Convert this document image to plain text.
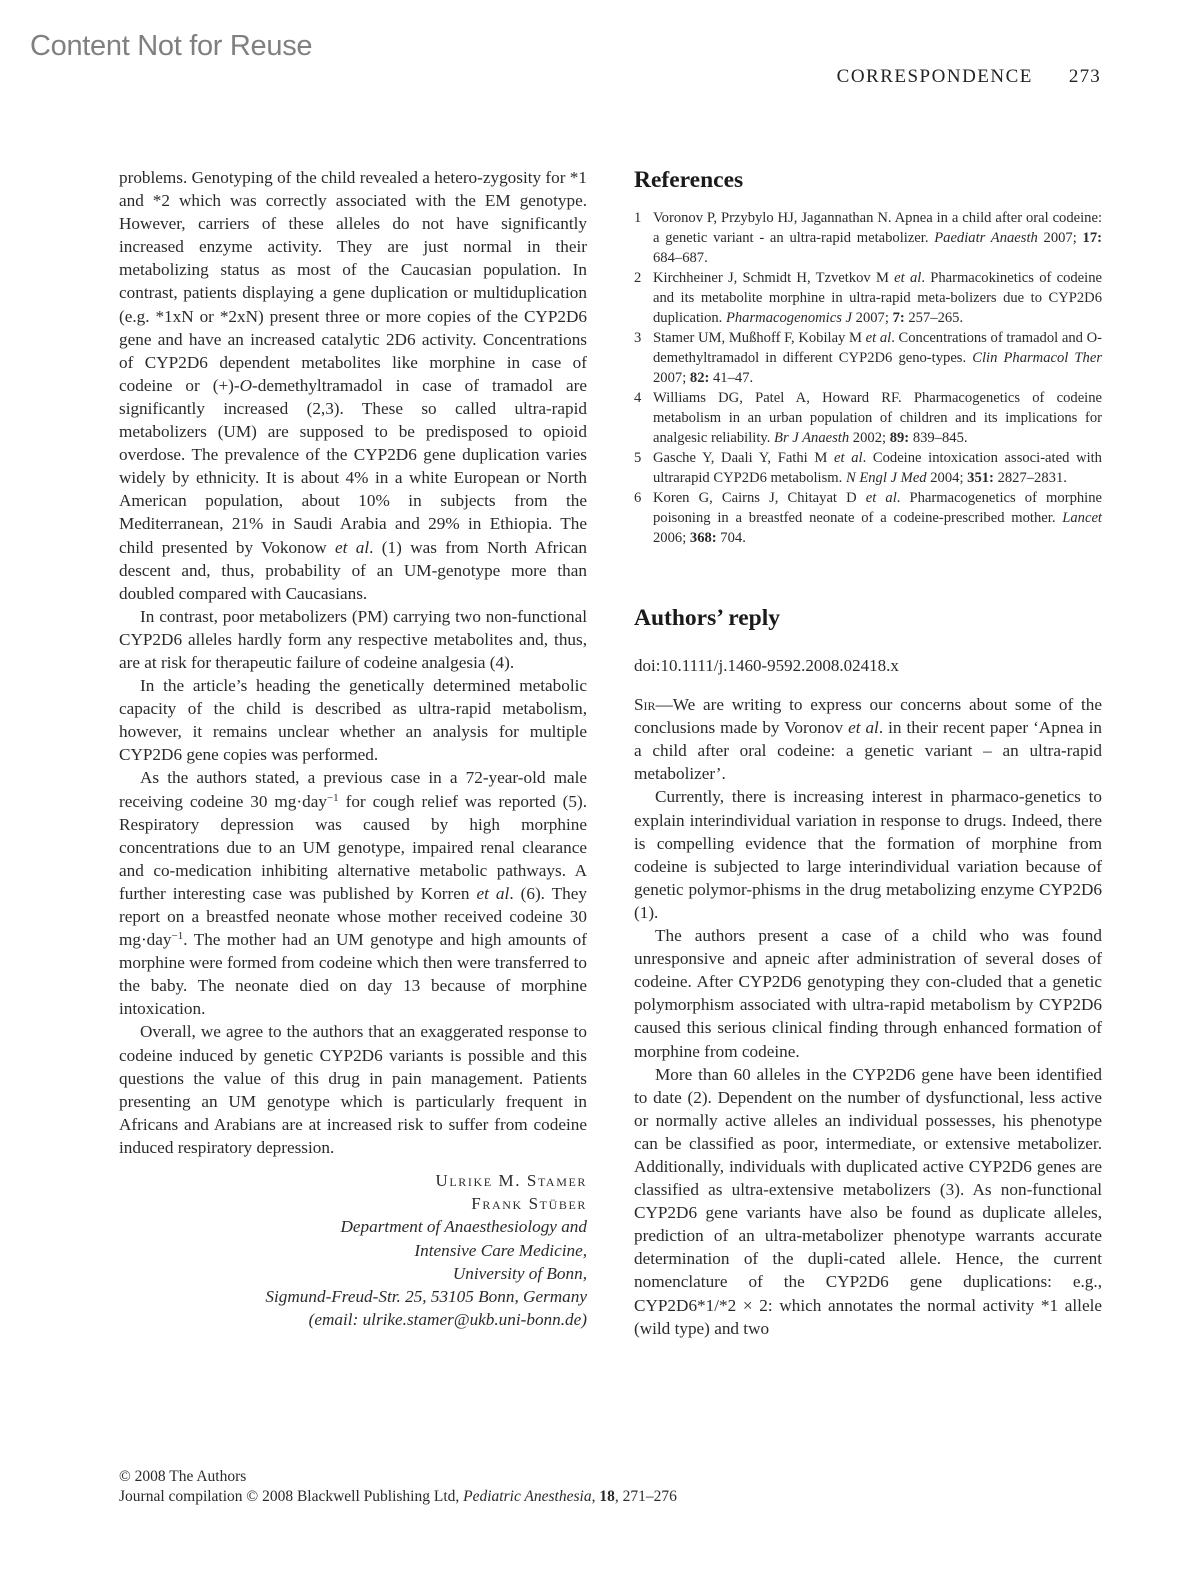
Content Not for Reuse
CORRESPONDENCE 273

problems. Genotyping of the child revealed a hetero-zygosity for *1 and *2 which was correctly associated with the EM genotype. However, carriers of these alleles do not have significantly increased enzyme activity. They are just normal in their metabolizing status as most of the Caucasian population. In contrast, patients displaying a gene duplication or multiduplication (e.g. *1xN or *2xN) present three or more copies of the CYP2D6 gene and have an increased catalytic 2D6 activity. Concentrations of CYP2D6 dependent metabolites like morphine in case of codeine or (+)-O-demethyltramadol in case of tramadol are significantly increased (2,3). These so called ultra-rapid metabolizers (UM) are supposed to be predisposed to opioid overdose. The prevalence of the CYP2D6 gene duplication varies widely by ethnicity. It is about 4% in a white European or North American population, about 10% in subjects from the Mediterranean, 21% in Saudi Arabia and 29% in Ethiopia. The child presented by Vokonow et al. (1) was from North African descent and, thus, probability of an UM-genotype more than doubled compared with Caucasians.

In contrast, poor metabolizers (PM) carrying two non-functional CYP2D6 alleles hardly form any respective metabolites and, thus, are at risk for therapeutic failure of codeine analgesia (4).

In the article’s heading the genetically determined metabolic capacity of the child is described as ultra-rapid metabolism, however, it remains unclear whether an analysis for multiple CYP2D6 gene copies was performed.

As the authors stated, a previous case in a 72-year-old male receiving codeine 30 mg·day$^{-1}$ for cough relief was reported (5). Respiratory depression was caused by high morphine concentrations due to an UM genotype, impaired renal clearance and co-medication inhibiting alternative metabolic pathways. A further interesting case was published by Korren et al. (6). They report on a breastfed neonate whose mother received codeine 30 mg·day$^{-1}$. The mother had an UM genotype and high amounts of morphine were formed from codeine which then were transferred to the baby. The neonate died on day 13 because of morphine intoxication.

Overall, we agree to the authors that an exaggerated response to codeine induced by genetic CYP2D6 variants is possible and this questions the value of this drug in pain management. Patients presenting an UM genotype which is particularly frequent in Africans and Arabians are at increased risk to suffer from codeine induced respiratory depression.

Ulrike M. Stamer
Frank Stüber
Department of Anaesthesiology and
Intensive Care Medicine,
University of Bonn,
Sigmund-Freud-Str. 25, 53105 Bonn, Germany
(email: ulrike.stamer@ukb.uni-bonn.de)
References
1 Voronov P, Przybylo HJ, Jagannathan N. Apnea in a child after oral codeine: a genetic variant - an ultra-rapid metabolizer. Paediatr Anaesth 2007; 17: 684–687.
2 Kirchheiner J, Schmidt H, Tzvetkov M et al. Pharmacokinetics of codeine and its metabolite morphine in ultra-rapid meta-bolizers due to CYP2D6 duplication. Pharmacogenomics J 2007; 7: 257–265.
3 Stamer UM, Mußhoff F, Kobilay M et al. Concentrations of tramadol and O-demethyltramadol in different CYP2D6 geno-types. Clin Pharmacol Ther 2007; 82: 41–47.
4 Williams DG, Patel A, Howard RF. Pharmacogenetics of codeine metabolism in an urban population of children and its implications for analgesic reliability. Br J Anaesth 2002; 89: 839–845.
5 Gasche Y, Daali Y, Fathi M et al. Codeine intoxication associ-ated with ultrarapid CYP2D6 metabolism. N Engl J Med 2004; 351: 2827–2831.
6 Koren G, Cairns J, Chitayat D et al. Pharmacogenetics of morphine poisoning in a breastfed neonate of a codeine-prescribed mother. Lancet 2006; 368: 704.
Authors’ reply
doi:10.1111/j.1460-9592.2008.02418.x

Sir—We are writing to express our concerns about some of the conclusions made by Voronov et al. in their recent paper ‘Apnea in a child after oral codeine: a genetic variant – an ultra-rapid metabolizer’.

Currently, there is increasing interest in pharmaco-genetics to explain interindividual variation in response to drugs. Indeed, there is compelling evidence that the formation of morphine from codeine is subjected to large interindividual variation because of genetic polymor-phisms in the drug metabolizing enzyme CYP2D6 (1).

The authors present a case of a child who was found unresponsive and apneic after administration of several doses of codeine. After CYP2D6 genotyping they con-cluded that a genetic polymorphism associated with ultra-rapid metabolism by CYP2D6 caused this serious clinical finding through enhanced formation of morphine from codeine.

More than 60 alleles in the CYP2D6 gene have been identified to date (2). Dependent on the number of dysfunctional, less active or normally active alleles an individual possesses, his phenotype can be classified as poor, intermediate, or extensive metabolizer. Additionally, individuals with duplicated active CYP2D6 genes are classified as ultra-extensive metabolizers (3). As non-functional CYP2D6 gene variants have also be found as duplicate alleles, prediction of an ultra-metabolizer phenotype warrants accurate determination of the dupli-cated allele. Hence, the current nomenclature of the CYP2D6 gene duplications: e.g., CYP2D6*1/*2 × 2: which annotates the normal activity *1 allele (wild type) and two

© 2008 The Authors
Journal compilation © 2008 Blackwell Publishing Ltd, Pediatric Anesthesia, 18, 271–276
